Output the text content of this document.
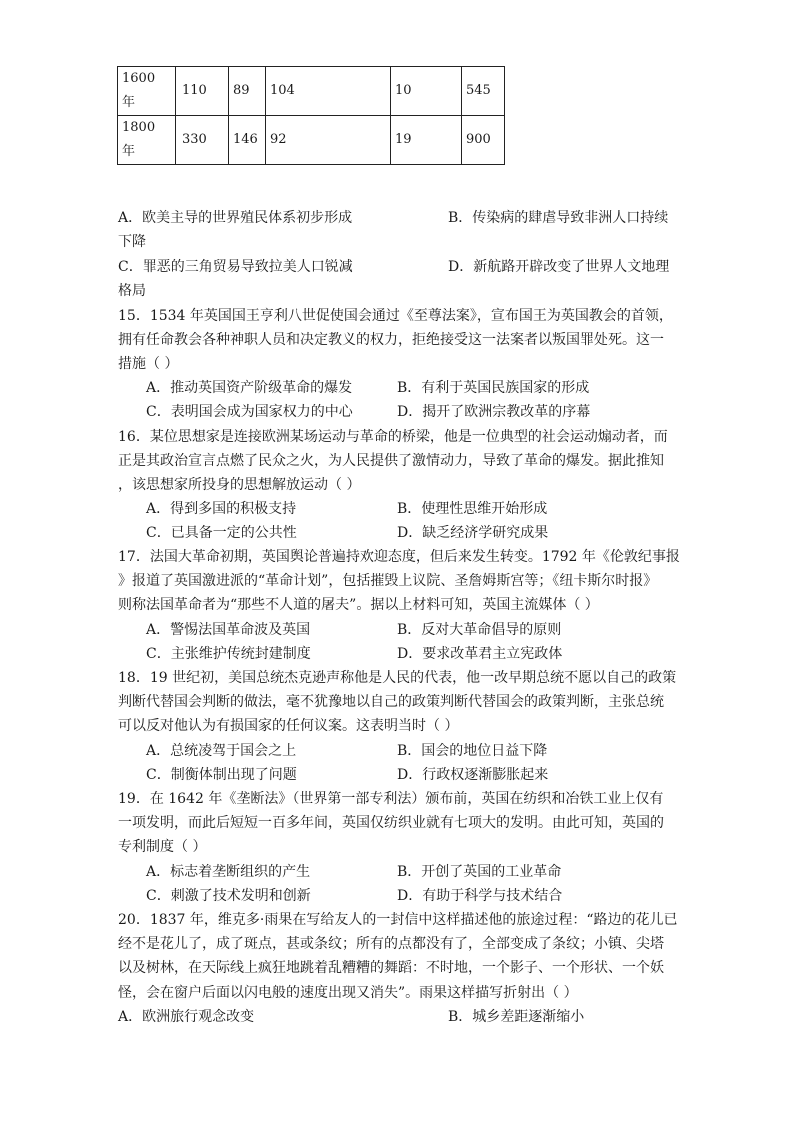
1600
年	110	89	104	10	545
1800
年	330	146	92	19	900
A．欧美主导的世界殖民体系初步形成	B．传染病的肆虐导致非洲人口持续
下降
C．罪恶的三角贸易导致拉美人口锐减	D．新航路开辟改变了世界人文地理
格局
15．1534 年英国国王亨利八世促使国会通过《至尊法案》，宣布国王为英国教会的首领，
拥有任命教会各种神职人员和决定教义的权力，拒绝接受这一法案者以叛国罪处死。这一
措施（ ）
A．推动英国资产阶级革命的爆发	B．有利于英国民族国家的形成
C．表明国会成为国家权力的中心	D．揭开了欧洲宗教改革的序幕
16．某位思想家是连接欧洲某场运动与革命的桥梁，他是一位典型的社会运动煽动者，而
正是其政治宣言点燃了民众之火，为人民提供了激情动力，导致了革命的爆发。据此推知
，该思想家所投身的思想解放运动（ ）
A．得到多国的积极支持	B．使理性思维开始形成
C．已具备一定的公共性	D．缺乏经济学研究成果
17．法国大革命初期，英国舆论普遍持欢迎态度，但后来发生转变。1792 年《伦敦纪事报
》报道了英国激进派的“革命计划”，包括摧毁上议院、圣詹姆斯宫等；《纽卡斯尔时报》
则称法国革命者为“那些不人道的屠夫”。据以上材料可知，英国主流媒体（ ）
A．警惕法国革命波及英国	B．反对大革命倡导的原则
C．主张维护传统封建制度	D．要求改革君主立宪政体
18．19 世纪初，美国总统杰克逊声称他是人民的代表，他一改早期总统不愿以自己的政策
判断代替国会判断的做法，毫不犹豫地以自己的政策判断代替国会的政策判断，主张总统
可以反对他认为有损国家的任何议案。这表明当时（ ）
A．总统凌驾于国会之上	B．国会的地位日益下降
C．制衡体制出现了问题	D．行政权逐渐膨胀起来
19．在 1642 年《垄断法》（世界第一部专利法）颁布前，英国在纺织和冶铁工业上仅有
一项发明，而此后短短一百多年间，英国仅纺织业就有七项大的发明。由此可知，英国的
专利制度（ ）
A．标志着垄断组织的产生	B．开创了英国的工业革命
C．刺激了技术发明和创新	D．有助于科学与技术结合
20．1837 年，维克多·雨果在写给友人的一封信中这样描述他的旅途过程：“路边的花儿已
经不是花儿了，成了斑点，甚或条纹；所有的点都没有了，全部变成了条纹；小镇、尖塔
以及树林，在天际线上疯狂地跳着乱糟糟的舞蹈：不时地，一个影子、一个形状、一个妖
怪，会在窗户后面以闪电般的速度出现又消失”。雨果这样描写折射出（ ）
A．欧洲旅行观念改变	B．城乡差距逐渐缩小
